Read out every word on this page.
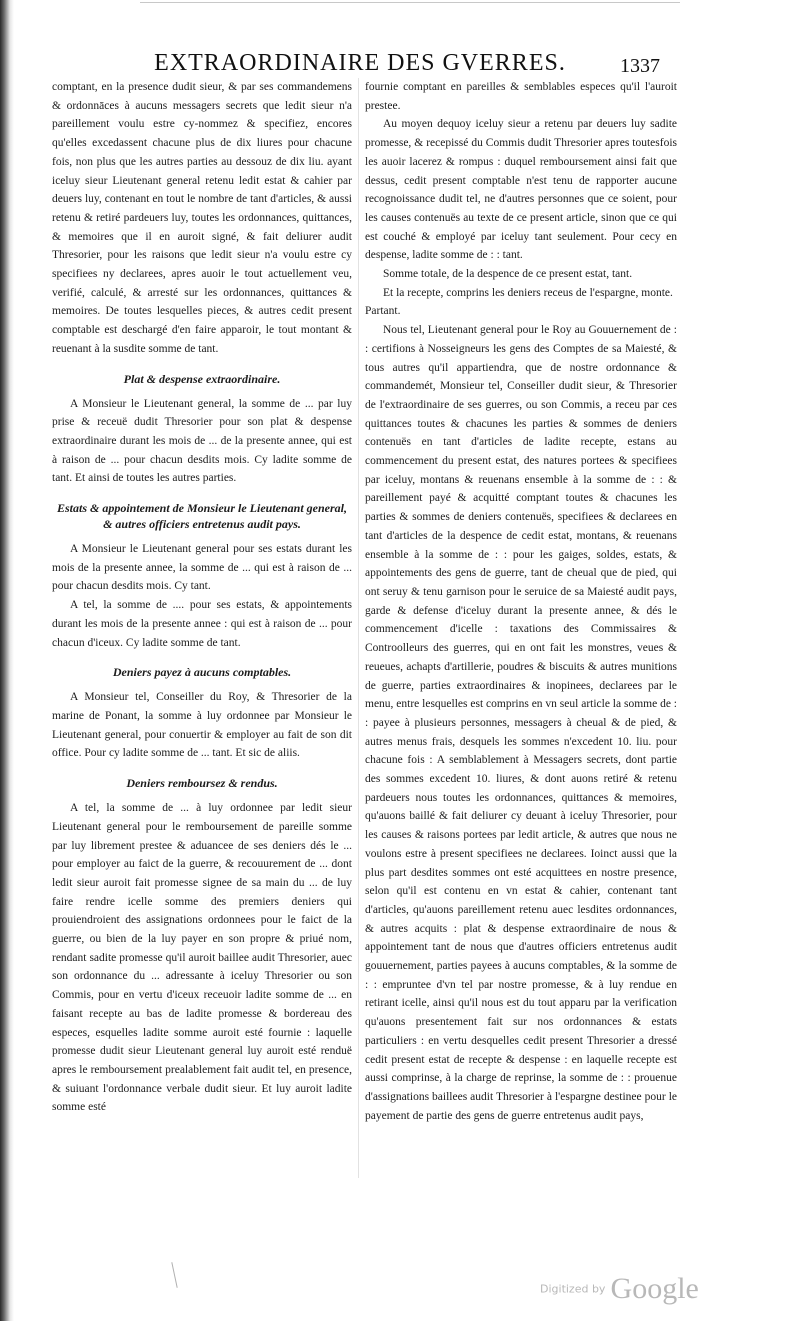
EXTRAORDINAIRE DES GVERRES.	1337

comptant, en la presence dudit sieur, & par ses commandemens & ordonnāces à aucuns messagers secrets que ledit sieur n'a pareillement voulu estre cy-nommez & specifiez, encores qu'elles excedassent chacune plus de dix liures pour chacune fois, non plus que les autres parties au dessouz de dix liu. ayant iceluy sieur Lieutenant general retenu ledit estat & cahier par deuers luy, contenant en tout le nombre de tant d'articles, & aussi retenu & retiré pardeuers luy, toutes les ordonnances, quittances, & memoires que il en auroit signé, & fait deliurer audit Thresorier, pour les raisons que ledit sieur n'a voulu estre cy specifiees ny declarees, apres auoir le tout actuellement veu, verifié, calculé, & arresté sur les ordonnances, quittances & memoires. De toutes lesquelles pieces, & autres cedit present comptable est deschargé d'en faire apparoir, le tout montant & reuenant à la susdite somme de tant.

Plat & despense extraordinaire.

A Monsieur le Lieutenant general, la somme de ... par luy prise & receuë dudit Thresorier pour son plat & despense extraordinaire durant les mois de ... de la presente annee, qui est à raison de ... pour chacun desdits mois. Cy ladite somme de tant. Et ainsi de toutes les autres parties.

Estats & appointement de Monsieur le Lieutenant general, & autres officiers entretenus audit pays.

A Monsieur le Lieutenant general pour ses estats durant les mois de la presente annee, la somme de ... qui est à raison de ... pour chacun desdits mois. Cy tant.

A tel, la somme de .... pour ses estats, & appointements durant les mois de la presente annee : qui est à raison de ... pour chacun d'iceux. Cy ladite somme de tant.

Deniers payez à aucuns comptables.

A Monsieur tel, Conseiller du Roy, & Thresorier de la marine de Ponant, la somme à luy ordonnee par Monsieur le Lieutenant general, pour conuertir & employer au fait de son dit office. Pour cy ladite somme de ... tant. Et sic de aliis.

Deniers remboursez & rendus.

A tel, la somme de ... à luy ordonnee par ledit sieur Lieutenant general pour le remboursement de pareille somme par luy librement prestee & aduancee de ses deniers dés le ... pour employer au faict de la guerre, & recouurement de ... dont ledit sieur auroit fait promesse signee de sa main du ... de luy faire rendre icelle somme des premiers deniers qui prouiendroient des assignations ordonnees pour le faict de la guerre, ou bien de la luy payer en son propre & priué nom, rendant sadite promesse qu'il auroit baillee audit Thresorier, auec son ordonnance du ... adressante à iceluy Thresorier ou son Commis, pour en vertu d'iceux receuoir ladite somme de ... en faisant recepte au bas de ladite promesse & bordereau des especes, esquelles ladite somme auroit esté fournie : laquelle promesse dudit sieur Lieutenant general luy auroit esté renduë apres le remboursement prealablement fait audit tel, en presence, & suiuant l'ordonnance verbale dudit sieur. Et luy auroit ladite somme esté

fournie comptant en pareilles & semblables especes qu'il l'auroit prestee.

Au moyen dequoy iceluy sieur a retenu par deuers luy sadite promesse, & recepissé du Commis dudit Thresorier apres toutesfois les auoir lacerez & rompus : duquel remboursement ainsi fait que dessus, cedit present comptable n'est tenu de rapporter aucune recognoissance dudit tel, ne d'autres personnes que ce soient, pour les causes contenuës au texte de ce present article, sinon que ce qui est couché & employé par iceluy tant seulement. Pour cecy en despense, ladite somme de : : tant.

Somme totale, de la despence de ce present estat, tant.

Et la recepte, comprins les deniers receus de l'espargne, monte.

Partant.

Nous tel, Lieutenant general pour le Roy au Gouuernement de : : certifions à Nosseigneurs les gens des Comptes de sa Maiesté, & tous autres qu'il appartiendra, que de nostre ordonnance & commandemét, Monsieur tel, Conseiller dudit sieur, & Thresorier de l'extraordinaire de ses guerres, ou son Commis, a receu par ces quittances toutes & chacunes les parties & sommes de deniers contenuës en tant d'articles de ladite recepte, estans au commencement du present estat, des natures portees & specifiees par iceluy, montans & reuenans ensemble à la somme de : : & pareillement payé & acquitté comptant toutes & chacunes les parties & sommes de deniers contenuës, specifiees & declarees en tant d'articles de la despence de cedit estat, montans, & reuenans ensemble à la somme de : : pour les gaiges, soldes, estats, & appointements des gens de guerre, tant de cheual que de pied, qui ont seruy & tenu garnison pour le seruice de sa Maiesté audit pays, garde & defense d'iceluy durant la presente annee, & dés le commencement d'icelle : taxations des Commissaires & Controolleurs des guerres, qui en ont fait les monstres, veues & reueues, achapts d'artillerie, poudres & biscuits & autres munitions de guerre, parties extraordinaires & inopinees, declarees par le menu, entre lesquelles est comprins en vn seul article la somme de : : payee à plusieurs personnes, messagers à cheual & de pied, & autres menus frais, desquels les sommes n'excedent 10. liu. pour chacune fois : A semblablement à Messagers secrets, dont partie des sommes excedent 10. liures, & dont auons retiré & retenu pardeuers nous toutes les ordonnances, quittances & memoires, qu'auons baillé & fait deliurer cy deuant à iceluy Thresorier, pour les causes & raisons portees par ledit article, & autres que nous ne voulons estre à present specifiees ne declarees. Ioinct aussi que la plus part desdites sommes ont esté acquittees en nostre presence, selon qu'il est contenu en vn estat & cahier, contenant tant d'articles, qu'auons pareillement retenu auec lesdites ordonnances, & autres acquits : plat & despense extraordinaire de nous & appointement tant de nous que d'autres officiers entretenus audit gouuernement, parties payees à aucuns comptables, & la somme de : : empruntee d'vn tel par nostre promesse, & à luy rendue en retirant icelle, ainsi qu'il nous est du tout apparu par la verification qu'auons presentement fait sur nos ordonnances & estats particuliers : en vertu desquelles cedit present Thresorier a dressé cedit present estat de recepte & despense : en laquelle recepte est aussi comprinse, à la charge de reprinse, la somme de : : prouenue d'assignations baillees audit Thresorier à l'espargne destinee pour le payement de partie des gens de guerre entretenus audit pays,

Digitized by Google
